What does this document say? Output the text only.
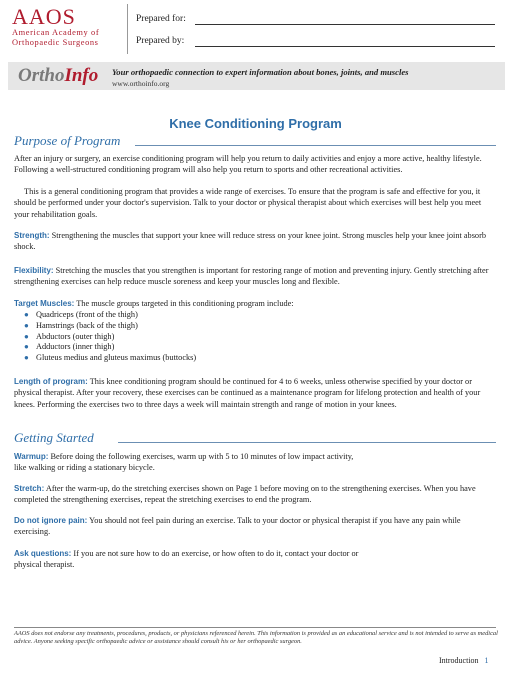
AAOS
American Academy of
Orthopaedic Surgeons
Prepared for:
Prepared by:
OrthoInfo Your orthopaedic connection to expert information about bones, joints, and muscles
www.orthoinfo.org
Knee Conditioning Program
Purpose of Program

After an injury or surgery, an exercise conditioning program will help you return to daily activities and enjoy a more active, healthy lifestyle. Following a well-structured conditioning program will also help you return to sports and other recreational activities.

This is a general conditioning program that provides a wide range of exercises. To ensure that the program is safe and effective for you, it should be performed under your doctor's supervision. Talk to your doctor or physical therapist about which exercises will best help you meet your rehabilitation goals.

Strength: Strengthening the muscles that support your knee will reduce stress on your knee joint. Strong muscles help your knee joint absorb shock.

Flexibility: Stretching the muscles that you strengthen is important for restoring range of motion and preventing injury. Gently stretching after strengthening exercises can help reduce muscle soreness and keep your muscles long and flexible.

Target Muscles: The muscle groups targeted in this conditioning program include:

● Quadriceps (front of the thigh)
● Hamstrings (back of the thigh)
● Abductors (outer thigh)
● Adductors (inner thigh)
● Gluteus medius and gluteus maximus (buttocks)

Length of program: This knee conditioning program should be continued for 4 to 6 weeks, unless otherwise specified by your doctor or physical therapist. After your recovery, these exercises can be continued as a maintenance program for lifelong protection and health of your knees. Performing the exercises two to three days a week will maintain strength and range of motion in your knees.

Getting Started

Warmup: Before doing the following exercises, warm up with 5 to 10 minutes of low impact activity,
like walking or riding a stationary bicycle.

Stretch: After the warm-up, do the stretching exercises shown on Page 1 before moving on to the strengthening exercises. When you have completed the strengthening exercises, repeat the stretching exercises to end the program.

Do not ignore pain: You should not feel pain during an exercise. Talk to your doctor or physical therapist if you have any pain while exercising.

Ask questions: If you are not sure how to do an exercise, or how often to do it, contact your doctor or
physical therapist.

AAOS does not endorse any treatments, procedures, products, or physicians referenced herein. This information is provided as an educational service and is not intended to serve as medical advice. Anyone seeking specific orthopaedic advice or assistance should consult his or her orthopaedic surgeon.
Introduction 1
